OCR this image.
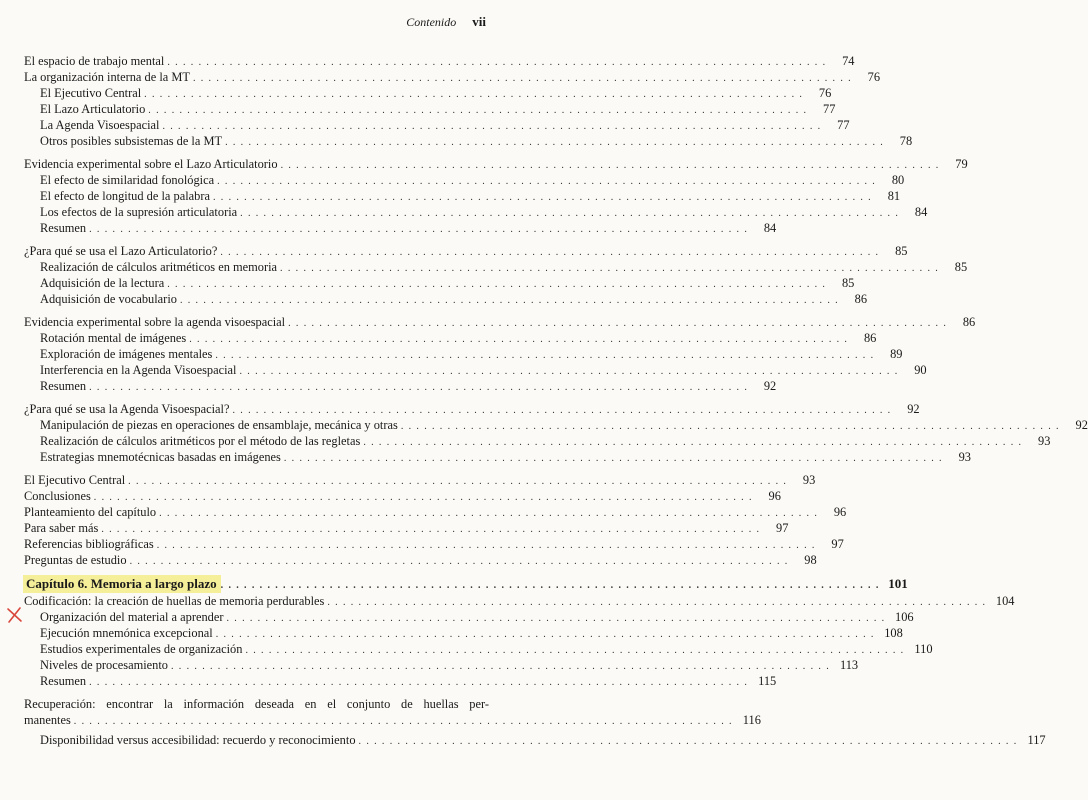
Contenido vii
El espacio de trabajo mental . . . . . . . . . . . . . . . . . . . . . . . . . . . . . . . . . . . . . . . . . . . . . . . . . . . . . . . . . . . . . . . . . . . . . . . . . . . . . . . . . . . . .	74
La organización interna de la MT . . . . . . . . . . . . . . . . . . . . . . . . . . . . . . . . . . . . . . . . . . . . . . . . . . . . . . . . . . . . . . . . . . . . . . . . . . . . . . . . . . . . .	76
El Ejecutivo Central . . . . . . . . . . . . . . . . . . . . . . . . . . . . . . . . . . . . . . . . . . . . . . . . . . . . . . . . . . . . . . . . . . . . . . . . . . . . . . . . . . . . .	76
El Lazo Articulatorio . . . . . . . . . . . . . . . . . . . . . . . . . . . . . . . . . . . . . . . . . . . . . . . . . . . . . . . . . . . . . . . . . . . . . . . . . . . . . . . . . . . . .	77
La Agenda Visoespacial . . . . . . . . . . . . . . . . . . . . . . . . . . . . . . . . . . . . . . . . . . . . . . . . . . . . . . . . . . . . . . . . . . . . . . . . . . . . . . . . . . . . .	77
Otros posibles subsistemas de la MT . . . . . . . . . . . . . . . . . . . . . . . . . . . . . . . . . . . . . . . . . . . . . . . . . . . . . . . . . . . . . . . . . . . . . . . . . . . . . . . . . . . . .	78
Evidencia experimental sobre el Lazo Articulatorio . . . . . . . . . . . . . . . . . . . . . . . . . . . . . . . . . . . . . . . . . . . . . . . . . . . . . . . . . . . . . . . . . . . . . . . . . . . . . . . . . . . . .	79
El efecto de similaridad fonológica . . . . . . . . . . . . . . . . . . . . . . . . . . . . . . . . . . . . . . . . . . . . . . . . . . . . . . . . . . . . . . . . . . . . . . . . . . . . . . . . . . . . .	80
El efecto de longitud de la palabra . . . . . . . . . . . . . . . . . . . . . . . . . . . . . . . . . . . . . . . . . . . . . . . . . . . . . . . . . . . . . . . . . . . . . . . . . . . . . . . . . . . . .	81
Los efectos de la supresión articulatoria . . . . . . . . . . . . . . . . . . . . . . . . . . . . . . . . . . . . . . . . . . . . . . . . . . . . . . . . . . . . . . . . . . . . . . . . . . . . . . . . . . . . .	84
Resumen . . . . . . . . . . . . . . . . . . . . . . . . . . . . . . . . . . . . . . . . . . . . . . . . . . . . . . . . . . . . . . . . . . . . . . . . . . . . . . . . . . . . .	84
¿Para qué se usa el Lazo Articulatorio? . . . . . . . . . . . . . . . . . . . . . . . . . . . . . . . . . . . . . . . . . . . . . . . . . . . . . . . . . . . . . . . . . . . . . . . . . . . . . . . . . . . . .	85
Realización de cálculos aritméticos en memoria . . . . . . . . . . . . . . . . . . . . . . . . . . . . . . . . . . . . . . . . . . . . . . . . . . . . . . . . . . . . . . . . . . . . . . . . . . . . . . . . . . . . .	85
Adquisición de la lectura . . . . . . . . . . . . . . . . . . . . . . . . . . . . . . . . . . . . . . . . . . . . . . . . . . . . . . . . . . . . . . . . . . . . . . . . . . . . . . . . . . . . .	85
Adquisición de vocabulario . . . . . . . . . . . . . . . . . . . . . . . . . . . . . . . . . . . . . . . . . . . . . . . . . . . . . . . . . . . . . . . . . . . . . . . . . . . . . . . . . . . . .	86
Evidencia experimental sobre la agenda visoespacial . . . . . . . . . . . . . . . . . . . . . . . . . . . . . . . . . . . . . . . . . . . . . . . . . . . . . . . . . . . . . . . . . . . . . . . . . . . . . . . . . . . . .	86
Rotación mental de imágenes . . . . . . . . . . . . . . . . . . . . . . . . . . . . . . . . . . . . . . . . . . . . . . . . . . . . . . . . . . . . . . . . . . . . . . . . . . . . . . . . . . . . .	86
Exploración de imágenes mentales . . . . . . . . . . . . . . . . . . . . . . . . . . . . . . . . . . . . . . . . . . . . . . . . . . . . . . . . . . . . . . . . . . . . . . . . . . . . . . . . . . . . .	89
Interferencia en la Agenda Visoespacial . . . . . . . . . . . . . . . . . . . . . . . . . . . . . . . . . . . . . . . . . . . . . . . . . . . . . . . . . . . . . . . . . . . . . . . . . . . . . . . . . . . . .	90
Resumen . . . . . . . . . . . . . . . . . . . . . . . . . . . . . . . . . . . . . . . . . . . . . . . . . . . . . . . . . . . . . . . . . . . . . . . . . . . . . . . . . . . . .	92
¿Para qué se usa la Agenda Visoespacial? . . . . . . . . . . . . . . . . . . . . . . . . . . . . . . . . . . . . . . . . . . . . . . . . . . . . . . . . . . . . . . . . . . . . . . . . . . . . . . . . . . . . .	92
Manipulación de piezas en operaciones de ensamblaje, mecánica y otras . . . . . . . . . . . . . . . . . . . . . . . . . . . . . . . . . . . . . . . . . . . . . . . . . . . . . . . . . . . . . . . . . . . . . . . . . . . . . . . . . . . . .	92
Realización de cálculos aritméticos por el método de las regletas . . . . . . . . . . . . . . . . . . . . . . . . . . . . . . . . . . . . . . . . . . . . . . . . . . . . . . . . . . . . . . . . . . . . . . . . . . . . . . . . . . . . .	93
Estrategias mnemotécnicas basadas en imágenes . . . . . . . . . . . . . . . . . . . . . . . . . . . . . . . . . . . . . . . . . . . . . . . . . . . . . . . . . . . . . . . . . . . . . . . . . . . . . . . . . . . . .	93
El Ejecutivo Central . . . . . . . . . . . . . . . . . . . . . . . . . . . . . . . . . . . . . . . . . . . . . . . . . . . . . . . . . . . . . . . . . . . . . . . . . . . . . . . . . . . . .	93
Conclusiones . . . . . . . . . . . . . . . . . . . . . . . . . . . . . . . . . . . . . . . . . . . . . . . . . . . . . . . . . . . . . . . . . . . . . . . . . . . . . . . . . . . . .	96
Planteamiento del capítulo . . . . . . . . . . . . . . . . . . . . . . . . . . . . . . . . . . . . . . . . . . . . . . . . . . . . . . . . . . . . . . . . . . . . . . . . . . . . . . . . . . . . .	96
Para saber más . . . . . . . . . . . . . . . . . . . . . . . . . . . . . . . . . . . . . . . . . . . . . . . . . . . . . . . . . . . . . . . . . . . . . . . . . . . . . . . . . . . . .	97
Referencias bibliográficas . . . . . . . . . . . . . . . . . . . . . . . . . . . . . . . . . . . . . . . . . . . . . . . . . . . . . . . . . . . . . . . . . . . . . . . . . . . . . . . . . . . . .	97
Preguntas de estudio . . . . . . . . . . . . . . . . . . . . . . . . . . . . . . . . . . . . . . . . . . . . . . . . . . . . . . . . . . . . . . . . . . . . . . . . . . . . . . . . . . . . .	98
Capítulo 6. Memoria a largo plazo . . . . . . . . . . . . . . . . . . . . . . . . . . . . . . . . . . . . . . . . . . . . . . . . . . . . . . . . . . . . . . . . . . . . . . . . . . . . . . . . . . . . . 101
Codificación: la creación de huellas de memoria perdurables . . . . . . . . . . . . . . . . . . . . . . . . . . . . . . . . . . . . . . . . . . . . . . . . . . . . . . . . . . . . . . . . . . . . . . . . . . . . . . . . . . . . . 104
Organización del material a aprender . . . . . . . . . . . . . . . . . . . . . . . . . . . . . . . . . . . . . . . . . . . . . . . . . . . . . . . . . . . . . . . . . . . . . . . . . . . . . . . . . . . . . 106
Ejecución mnemónica excepcional . . . . . . . . . . . . . . . . . . . . . . . . . . . . . . . . . . . . . . . . . . . . . . . . . . . . . . . . . . . . . . . . . . . . . . . . . . . . . . . . . . . . . 108
Estudios experimentales de organización . . . . . . . . . . . . . . . . . . . . . . . . . . . . . . . . . . . . . . . . . . . . . . . . . . . . . . . . . . . . . . . . . . . . . . . . . . . . . . . . . . . . . 110
Niveles de procesamiento . . . . . . . . . . . . . . . . . . . . . . . . . . . . . . . . . . . . . . . . . . . . . . . . . . . . . . . . . . . . . . . . . . . . . . . . . . . . . . . . . . . . . 113
Resumen . . . . . . . . . . . . . . . . . . . . . . . . . . . . . . . . . . . . . . . . . . . . . . . . . . . . . . . . . . . . . . . . . . . . . . . . . . . . . . . . . . . . . 115
Recuperación: encontrar la información deseada en el conjunto de huellas per-
manentes . . . . . . . . . . . . . . . . . . . . . . . . . . . . . . . . . . . . . . . . . . . . . . . . . . . . . . . . . . . . . . . . . . . . . . . . . . . . . . . . . . . . . 116
Disponibilidad versus accesibilidad: recuerdo y reconocimiento . . . . . . . . . . . . . . . . . . . . . . . . . . . . . . . . . . . . . . . . . . . . . . . . . . . . . . . . . . . . . . . . . . . . . . . . . . . . . . . . . . . . . 117
